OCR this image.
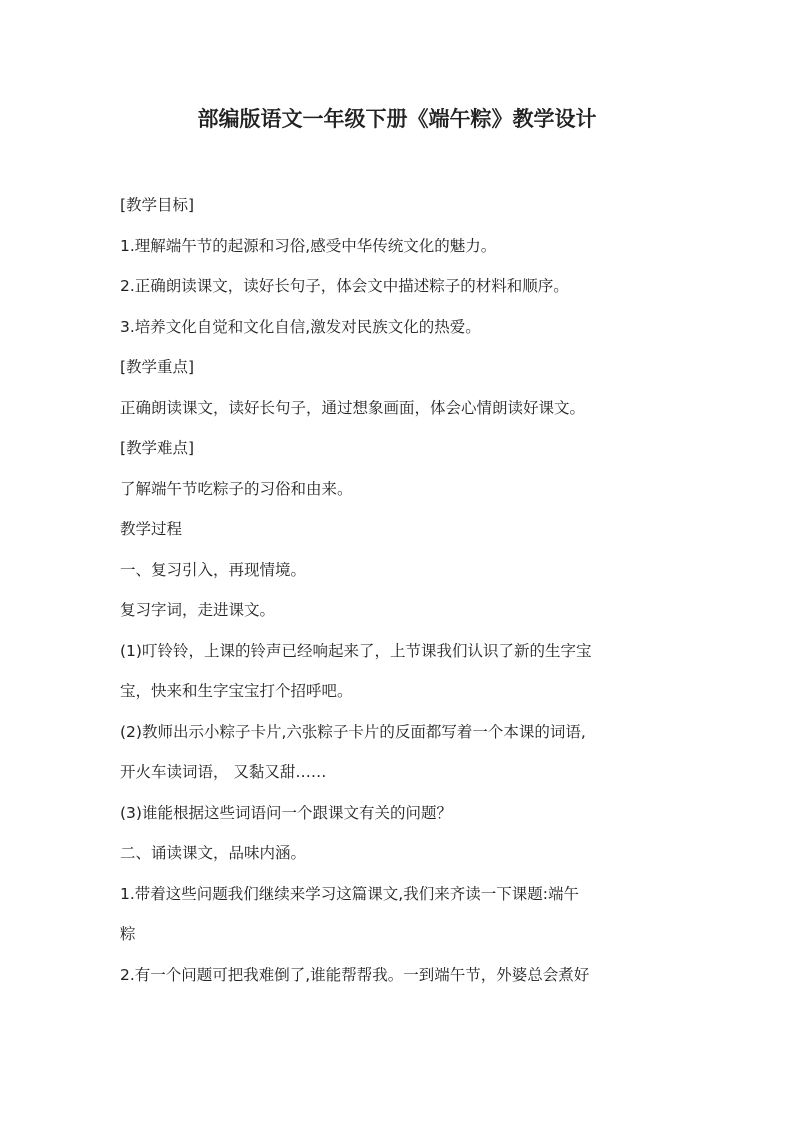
部编版语文一年级下册《端午粽》教学设计
[教学目标]
1.理解端午节的起源和习俗,感受中华传统文化的魅力。
2.正确朗读课文，读好长句子，体会文中描述粽子的材料和顺序。
3.培养文化自觉和文化自信,激发对民族文化的热爱。
[教学重点]
正确朗读课文，读好长句子，通过想象画面，体会心情朗读好课文。
[教学难点]
了解端午节吃粽子的习俗和由来。
教学过程
一、复习引入，再现情境。
复习字词，走进课文。
(1)叮铃铃，上课的铃声已经响起来了，上节课我们认识了新的生字宝
宝，快来和生字宝宝打个招呼吧。
(2)教师出示小粽子卡片,六张粽子卡片的反面都写着一个本课的词语,
开火车读词语， 又黏又甜……
(3)谁能根据这些词语问一个跟课文有关的问题？
二、诵读课文，品味内涵。
1.带着这些问题我们继续来学习这篇课文,我们来齐读一下课题:端午
粽
2.有一个问题可把我难倒了,谁能帮帮我。一到端午节，外婆总会煮好
